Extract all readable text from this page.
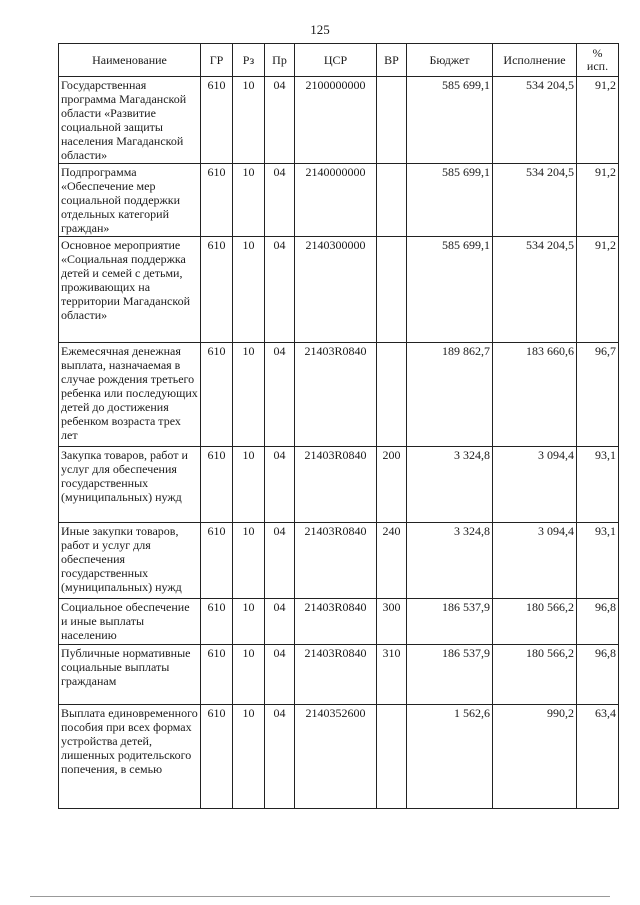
125
Наименование	ГР	Рз	Пр	ЦСР	ВР	Бюджет	Исполнение	%
исп.

Государственная программа Магаданской области «Развитие социальной защиты населения Магаданской области»	610	10	04	2100000000		585 699,1	534 204,5	91,2
Подпрограмма «Обеспечение мер социальной поддержки отдельных категорий граждан»	610	10	04	2140000000		585 699,1	534 204,5	91,2
Основное мероприятие «Социальная поддержка детей и семей с детьми, проживающих на территории Магаданской области»	610	10	04	2140300000		585 699,1	534 204,5	91,2
Ежемесячная денежная выплата, назначаемая в случае рождения третьего ребенка или последующих детей до достижения ребенком возраста трех лет	610	10	04	21403R0840		189 862,7	183 660,6	96,7
Закупка товаров, работ и услуг для обеспечения государственных (муниципальных) нужд	610	10	04	21403R0840	200	3 324,8	3 094,4	93,1
Иные закупки товаров, работ и услуг для обеспечения государственных (муниципальных) нужд	610	10	04	21403R0840	240	3 324,8	3 094,4	93,1
Социальное обеспечение и иные выплаты населению	610	10	04	21403R0840	300	186 537,9	180 566,2	96,8
Публичные нормативные социальные выплаты гражданам	610	10	04	21403R0840	310	186 537,9	180 566,2	96,8
Выплата единовременного пособия при всех формах устройства детей, лишенных родительского попечения, в семью	610	10	04	2140352600		1 562,6	990,2	63,4
